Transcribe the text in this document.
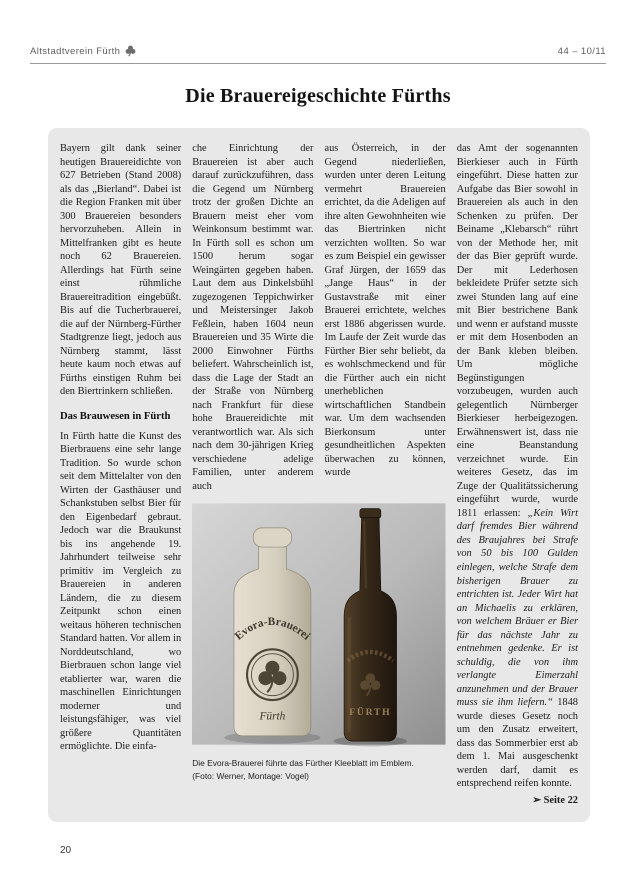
Altstadtverein Fürth	44 – 10/11
Die Brauereigeschichte Fürths

Bayern gilt dank seiner heutigen Brauereidichte von 627 Betrieben (Stand 2008) als das „Bierland“. Dabei ist die Region Franken mit über 300 Brauereien besonders hervorzuheben. Allein in Mittelfranken gibt es heute noch 62 Brauereien. Allerdings hat Fürth seine einst rühmliche Brauereitradition eingebüßt. Bis auf die Tucherbrauerei, die auf der Nürnberg-Fürther Stadtgrenze liegt, jedoch aus Nürnberg stammt, lässt heute kaum noch etwas auf Fürths einstigen Ruhm bei den Biertrinkern schließen.

Das Brauwesen in Fürth

In Fürth hatte die Kunst des Bierbrauens eine sehr lange Tradition. So wurde schon seit dem Mittelalter von den Wirten der Gasthäuser und Schankstuben selbst Bier für den Eigenbedarf gebraut. Jedoch war die Braukunst bis ins angehende 19. Jahrhundert teilweise sehr primitiv im Vergleich zu Brauereien in anderen Ländern, die zu diesem Zeitpunkt schon einen weitaus höheren technischen Standard hatten. Vor allem in Norddeutschland, wo Bierbrauen schon lange viel etablierter war, waren die maschinellen Einrichtungen moderner und leistungsfähiger, was viel größere Quantitäten ermöglichte. Die einfa-

che Einrichtung der Brauereien ist aber auch darauf zurückzuführen, dass die Gegend um Nürnberg trotz der großen Dichte an Brauern meist eher vom Weinkonsum bestimmt war. In Fürth soll es schon um 1500 herum sogar Weingärten gegeben haben. Laut dem aus Dinkelsbühl zugezogenen Teppichwirker und Meistersinger Jakob Feßlein, haben 1604 neun Brauereien und 35 Wirte die 2000 Einwohner Fürths beliefert. Wahrscheinlich ist, dass die Lage der Stadt an der Straße von Nürnberg nach Frankfurt für diese hohe Brauereidichte mit verantwortlich war. Als sich nach dem 30-jährigen Krieg verschiedene adelige Familien, unter anderem auch

aus Österreich, in der Gegend niederließen, wurden unter deren Leitung vermehrt Brauereien errichtet, da die Adeligen auf ihre alten Gewohnheiten wie das Biertrinken nicht verzichten wollten. So war es zum Beispiel ein gewisser Graf Jürgen, der 1659 das „Jange Haus“ in der Gustavstraße mit einer Brauerei errichtete, welches erst 1886 abgerissen wurde. Im Laufe der Zeit wurde das Fürther Bier sehr beliebt, da es wohlschmeckend und für die Fürther auch ein nicht unerheblichen wirtschaftlichen Standbein war. Um dem wachsenden Bierkonsum unter gesundheitlichen Aspekten überwachen zu können, wurde

Evora-Brauerei
Fürth	FÜRTH
Die Evora-Brauerei führte das Fürther Kleeblatt im Emblem.
(Foto: Werner, Montage: Vogel)

das Amt der sogenannten Bierkieser auch in Fürth eingeführt. Diese hatten zur Aufgabe das Bier sowohl in Brauereien als auch in den Schenken zu prüfen. Der Beiname „Klebarsch“ rührt von der Methode her, mit der das Bier geprüft wurde. Der mit Lederhosen bekleidete Prüfer setzte sich zwei Stunden lang auf eine mit Bier bestrichene Bank und wenn er aufstand musste er mit dem Hosenboden an der Bank kleben bleiben. Um mögliche Begünstigungen vorzubeugen, wurden auch gelegentlich Nürnberger Bierkieser herbeigezogen. Erwähnenswert ist, dass nie eine Beanstandung verzeichnet wurde. Ein weiteres Gesetz, das im Zuge der Qualitätssicherung eingeführt wurde, wurde 1811 erlassen: „Kein Wirt darf fremdes Bier während des Braujahres bei Strafe von 50 bis 100 Gulden einlegen, welche Strafe dem bisherigen Brauer zu entrichten ist. Jeder Wirt hat an Michaelis zu erklären, von welchem Bräuer er Bier für das nächste Jahr zu entnehmen gedenke. Er ist schuldig, die von ihm verlangte Eimerzahl anzunehmen und der Brauer muss sie ihm liefern.“ 1848 wurde dieses Gesetz noch um den Zusatz erweitert, dass das Sommerbier erst ab dem 1. Mai ausgeschenkt werden darf, damit es entsprechend reifen konnte.

➢ Seite 22
20
